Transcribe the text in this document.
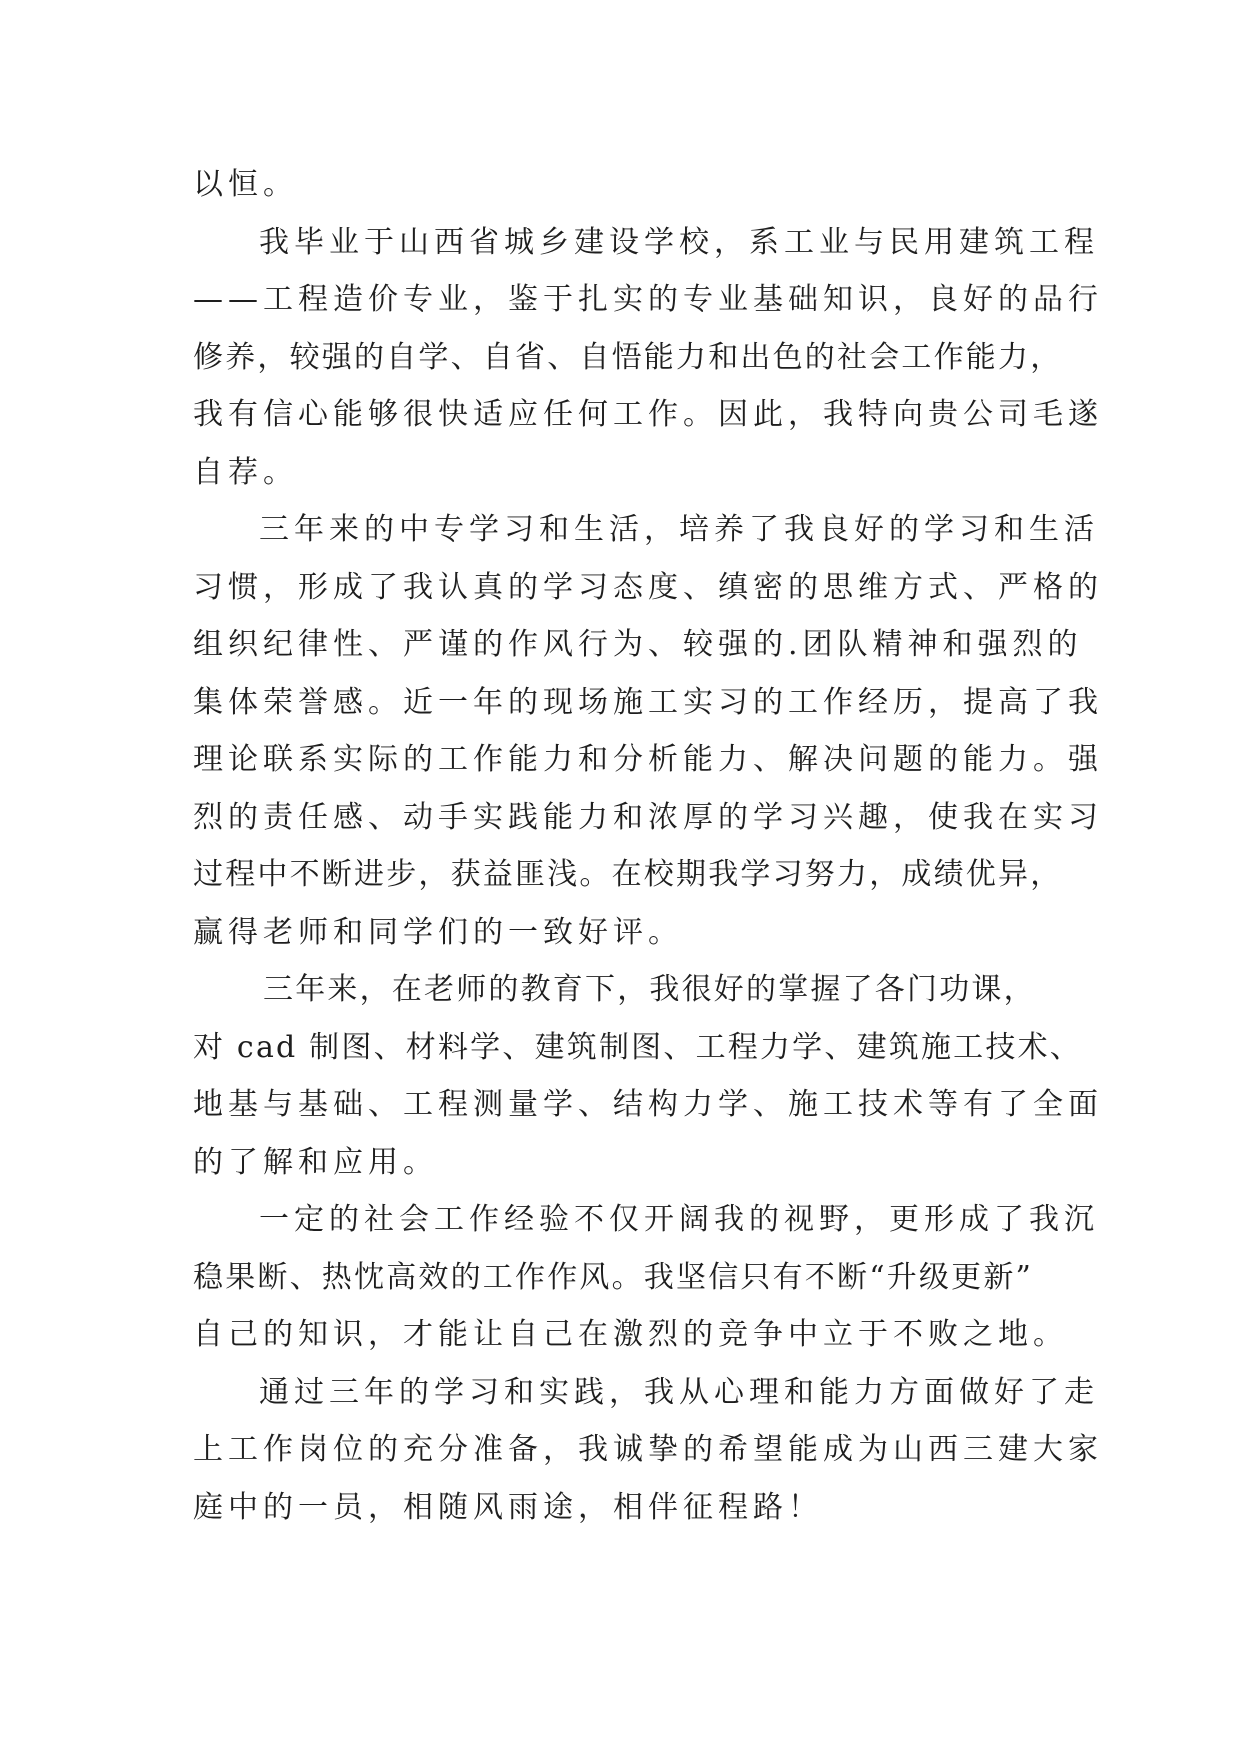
以恒。
我毕业于山西省城乡建设学校，系工业与民用建筑工程
——工程造价专业，鉴于扎实的专业基础知识，良好的品行
修养，较强的自学、自省、自悟能力和出色的社会工作能力，
我有信心能够很快适应任何工作。因此，我特向贵公司毛遂
自荐。
三年来的中专学习和生活，培养了我良好的学习和生活
习惯，形成了我认真的学习态度、缜密的思维方式、严格的
组织纪律性、严谨的作风行为、较强的.团队精神和强烈的
集体荣誉感。近一年的现场施工实习的工作经历，提高了我
理论联系实际的工作能力和分析能力、解决问题的能力。强
烈的责任感、动手实践能力和浓厚的学习兴趣，使我在实习
过程中不断进步，获益匪浅。在校期我学习努力，成绩优异，
赢得老师和同学们的一致好评。
三年来，在老师的教育下，我很好的掌握了各门功课，
对 cad 制图、材料学、建筑制图、工程力学、建筑施工技术、
地基与基础、工程测量学、结构力学、施工技术等有了全面
的了解和应用。
一定的社会工作经验不仅开阔我的视野，更形成了我沉
稳果断、热忱高效的工作作风。我坚信只有不断“升级更新”
自己的知识，才能让自己在激烈的竞争中立于不败之地。
通过三年的学习和实践，我从心理和能力方面做好了走
上工作岗位的充分准备，我诚挚的希望能成为山西三建大家
庭中的一员，相随风雨途，相伴征程路！
